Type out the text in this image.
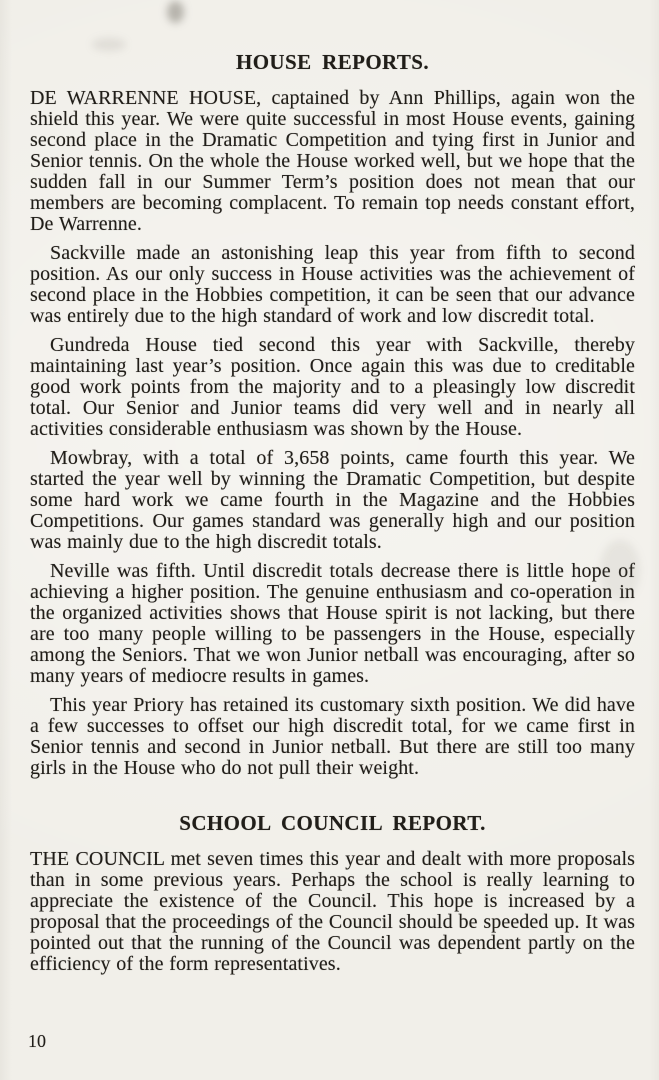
HOUSE REPORTS.

DE WARRENNE HOUSE, captained by Ann Phillips, again won the shield this year. We were quite successful in most House events, gaining second place in the Dramatic Competition and tying first in Junior and Senior tennis. On the whole the House worked well, but we hope that the sudden fall in our Summer Term’s position does not mean that our members are becoming complacent. To remain top needs constant effort, De Warrenne.

Sackville made an astonishing leap this year from fifth to second position. As our only success in House activities was the achievement of second place in the Hobbies competition, it can be seen that our advance was entirely due to the high standard of work and low discredit total.

Gundreda House tied second this year with Sackville, thereby maintaining last year’s position. Once again this was due to creditable good work points from the majority and to a pleasingly low discredit total. Our Senior and Junior teams did very well and in nearly all activities considerable enthusiasm was shown by the House.

Mowbray, with a total of 3,658 points, came fourth this year. We started the year well by winning the Dramatic Competition, but despite some hard work we came fourth in the Magazine and the Hobbies Competitions. Our games standard was generally high and our position was mainly due to the high discredit totals.

Neville was fifth. Until discredit totals decrease there is little hope of achieving a higher position. The genuine enthusiasm and co-operation in the organized activities shows that House spirit is not lacking, but there are too many people willing to be passengers in the House, especially among the Seniors. That we won Junior netball was encouraging, after so many years of mediocre results in games.

This year Priory has retained its customary sixth position. We did have a few successes to offset our high discredit total, for we came first in Senior tennis and second in Junior netball. But there are still too many girls in the House who do not pull their weight.

SCHOOL COUNCIL REPORT.

THE COUNCIL met seven times this year and dealt with more proposals than in some previous years. Perhaps the school is really learning to appreciate the existence of the Council. This hope is increased by a proposal that the proceedings of the Council should be speeded up. It was pointed out that the running of the Council was dependent partly on the efficiency of the form representatives.

10
